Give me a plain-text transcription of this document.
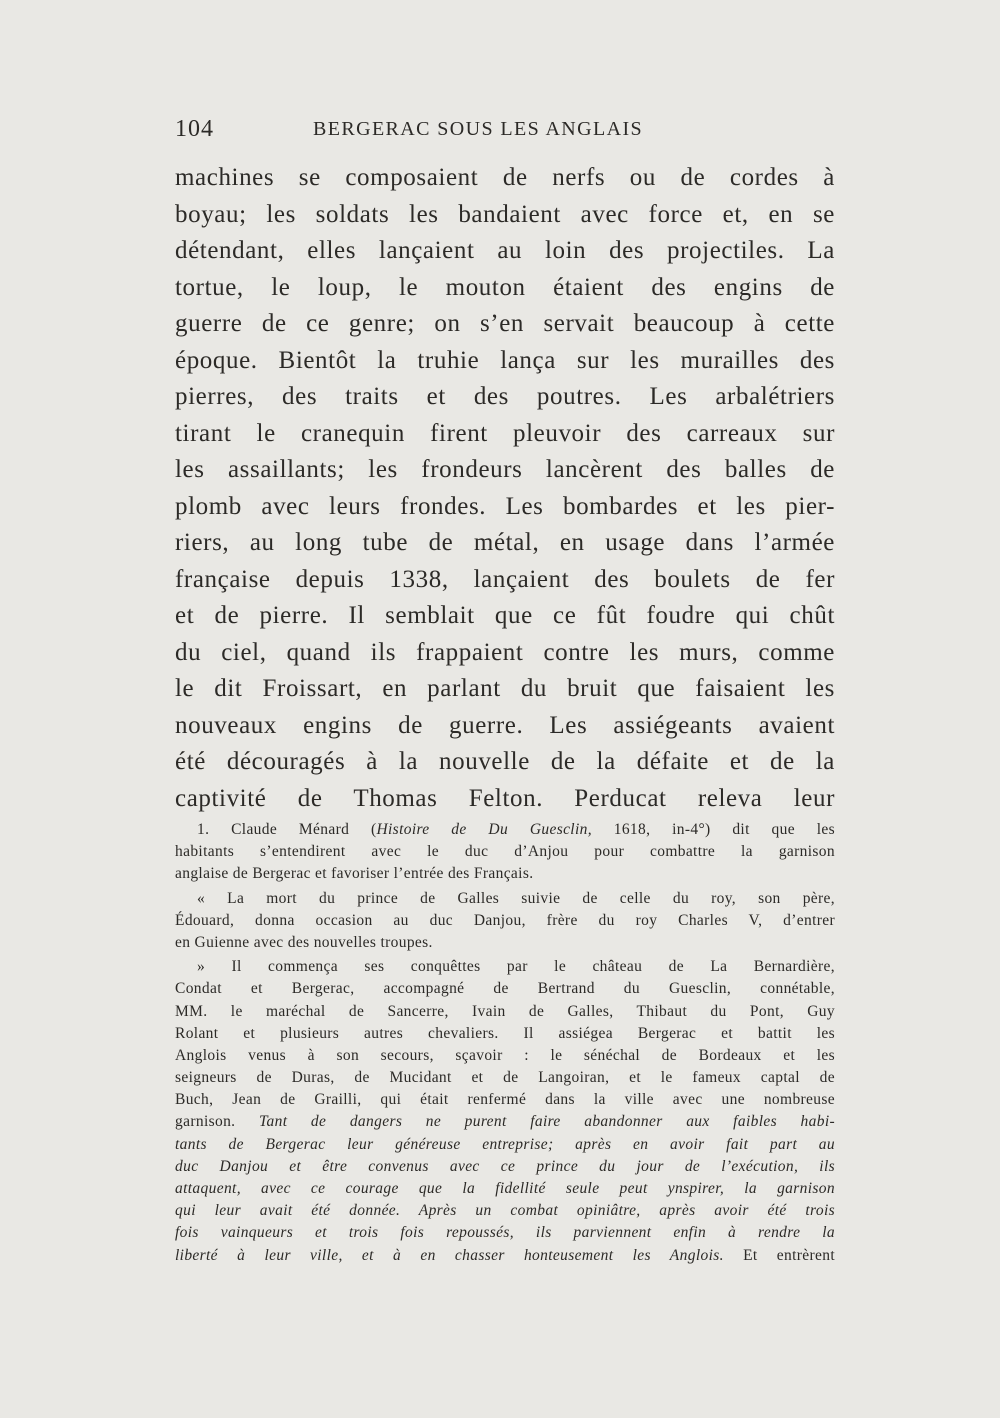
104	BERGERAC SOUS LES ANGLAIS
machines se composaient de nerfs ou de cordes à
boyau; les soldats les bandaient avec force et, en se
détendant, elles lançaient au loin des projectiles. La
tortue, le loup, le mouton étaient des engins de
guerre de ce genre; on s’en servait beaucoup à cette
époque. Bientôt la truhie lança sur les murailles des
pierres, des traits et des poutres. Les arbalétriers
tirant le cranequin firent pleuvoir des carreaux sur
les assaillants; les frondeurs lancèrent des balles de
plomb avec leurs frondes. Les bombardes et les pier-
riers, au long tube de métal, en usage dans l’armée
française depuis 1338, lançaient des boulets de fer
et de pierre. Il semblait que ce fût foudre qui chût
du ciel, quand ils frappaient contre les murs, comme
le dit Froissart, en parlant du bruit que faisaient les
nouveaux engins de guerre. Les assiégeants avaient
été découragés à la nouvelle de la défaite et de la
captivité de Thomas Felton. Perducat releva leur
1. Claude Ménard (Histoire de Du Guesclin, 1618, in-4°) dit que les
habitants s’entendirent avec le duc d’Anjou pour combattre la garnison
anglaise de Bergerac et favoriser l’entrée des Français.
« La mort du prince de Galles suivie de celle du roy, son père,
Édouard, donna occasion au duc Danjou, frère du roy Charles V, d’entrer
en Guienne avec des nouvelles troupes.
» Il commença ses conquêttes par le château de La Bernardière,
Condat et Bergerac, accompagné de Bertrand du Guesclin, connétable,
MM. le maréchal de Sancerre, Ivain de Galles, Thibaut du Pont, Guy
Rolant et plusieurs autres chevaliers. Il assiégea Bergerac et battit les
Anglois venus à son secours, sçavoir : le sénéchal de Bordeaux et les
seigneurs de Duras, de Mucidant et de Langoiran, et le fameux captal de
Buch, Jean de Grailli, qui était renfermé dans la ville avec une nombreuse
garnison. Tant de dangers ne purent faire abandonner aux faibles habi-
tants de Bergerac leur généreuse entreprise; après en avoir fait part au
duc Danjou et être convenus avec ce prince du jour de l’exécution, ils
attaquent, avec ce courage que la fidellité seule peut ynspirer, la garnison
qui leur avait été donnée. Après un combat opiniâtre, après avoir été trois
fois vainqueurs et trois fois repoussés, ils parviennent enfin à rendre la
liberté à leur ville, et à en chasser honteusement les Anglois. Et entrèrent
